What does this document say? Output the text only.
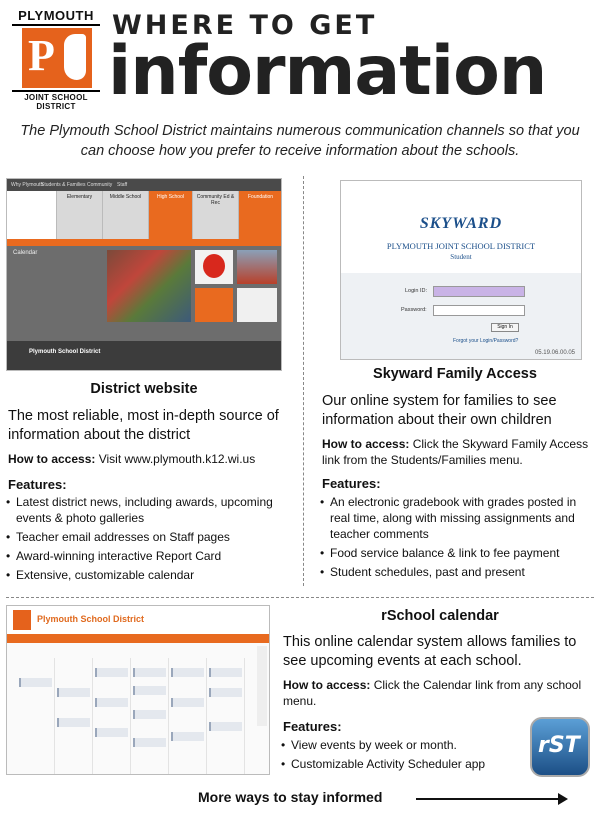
PLYMOUTH
P
JOINT SCHOOL DISTRICT
WHERE TO GET
information
The Plymouth School District maintains numerous communication channels so that you can choose how you prefer to receive information about the schools.
Why Plymouth
Students & Families Community Staff
Elementary	Middle School	High School	Community Ed & Rec
Foundation
Calendar
Plymouth School District
District website
The most reliable, most in-depth source of information about the district
How to access: Visit www.plymouth.k12.wi.us
Features:
• Latest district news, including awards, upcoming events & photo galleries
• Teacher email addresses on Staff pages
• Award-winning interactive Report Card
• Extensive, customizable calendar
SKYWARD
PLYMOUTH JOINT SCHOOL DISTRICT
Student
Login ID:
Password:
Sign In
Forgot your Login/Password?
05.19.06.00.05
Skyward Family Access
Our online system for families to see information about their own children
How to access: Click the Skyward Family Access link from the Students/Families menu.
Features:
• An electronic gradebook with grades posted in real time, along with missing assignments and teacher comments
• Food service balance & link to fee payment
• Student schedules, past and present
Plymouth School District	rSchool calendar
This online calendar system allows families to see upcoming events at each school.
How to access: Click the Calendar link from any school menu.
Features:
• View events by week or month.
• Customizable Activity Scheduler app
rST
More ways to stay informed
